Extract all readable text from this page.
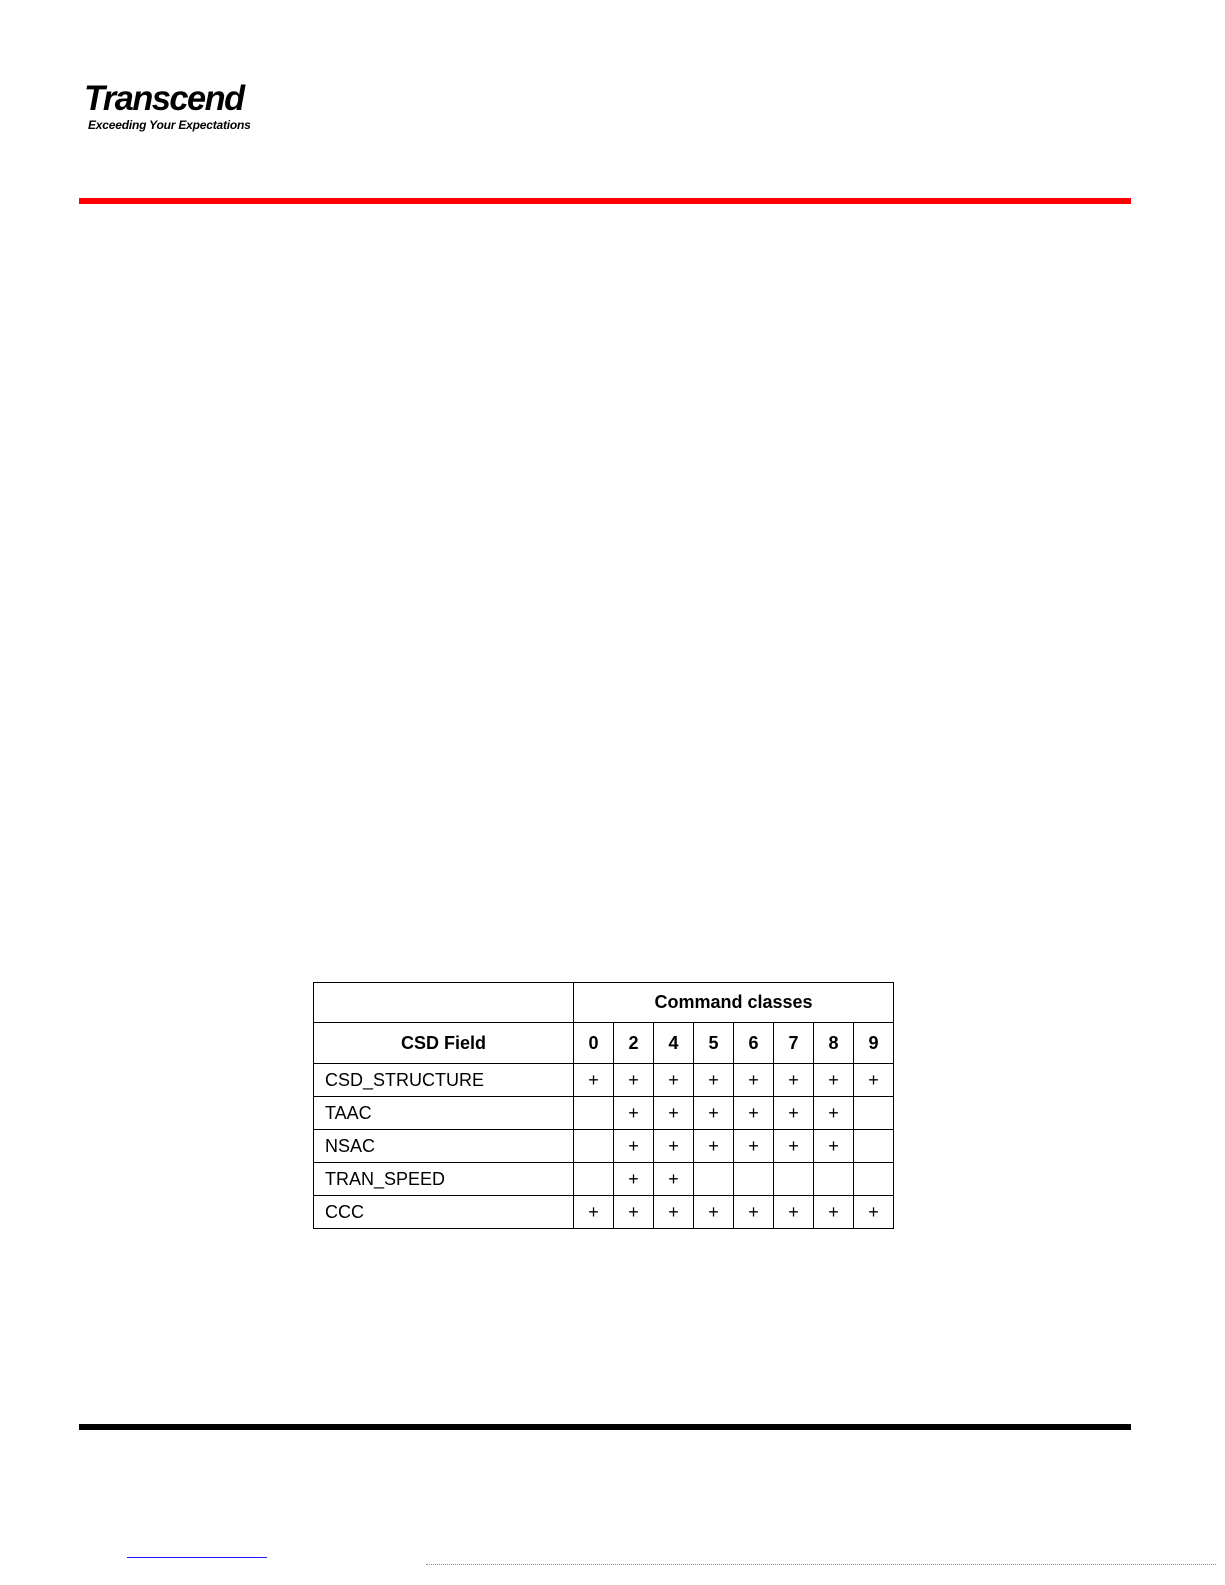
Transcend
Exceeding Your Expectations
	Command classes							
CSD Field	0	2	4	5	6	7	8	9
CSD_STRUCTURE	+	+	+	+	+	+	+	+
TAAC		+	+	+	+	+	+	
NSAC		+	+	+	+	+	+	
TRAN_SPEED		+	+					
CCC	+	+	+	+	+	+	+	+
